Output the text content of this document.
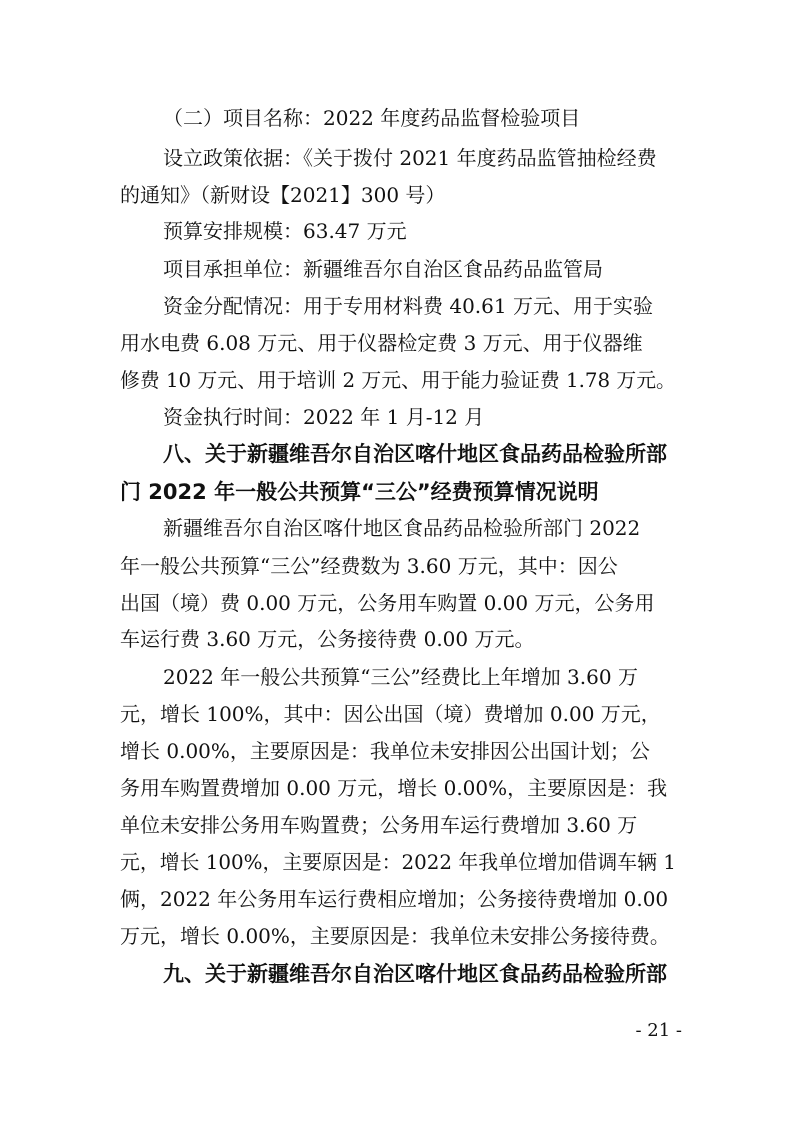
（二）项目名称：2022 年度药品监督检验项目
设立政策依据：《关于拨付 2021 年度药品监管抽检经费
的通知》（新财设【2021】300 号）
预算安排规模：63.47 万元
项目承担单位：新疆维吾尔自治区食品药品监管局
资金分配情况：用于专用材料费 40.61 万元、用于实验
用水电费 6.08 万元、用于仪器检定费 3 万元、用于仪器维
修费 10 万元、用于培训 2 万元、用于能力验证费 1.78 万元。
资金执行时间：2022 年 1 月-12 月
八、关于新疆维吾尔自治区喀什地区食品药品检验所部
门 2022 年一般公共预算“三公”经费预算情况说明
新疆维吾尔自治区喀什地区食品药品检验所部门 2022
年一般公共预算“三公”经费数为 3.60 万元，其中：因公
出国（境）费 0.00 万元，公务用车购置 0.00 万元，公务用
车运行费 3.60 万元，公务接待费 0.00 万元。
2022 年一般公共预算“三公”经费比上年增加 3.60 万
元，增长 100%，其中：因公出国（境）费增加 0.00 万元，
增长 0.00%，主要原因是：我单位未安排因公出国计划；公
务用车购置费增加 0.00 万元，增长 0.00%，主要原因是：我
单位未安排公务用车购置费；公务用车运行费增加 3.60 万
元，增长 100%，主要原因是：2022 年我单位增加借调车辆 1
俩，2022 年公务用车运行费相应增加；公务接待费增加 0.00
万元，增长 0.00%，主要原因是：我单位未安排公务接待费。
九、关于新疆维吾尔自治区喀什地区食品药品检验所部
- 21 -
